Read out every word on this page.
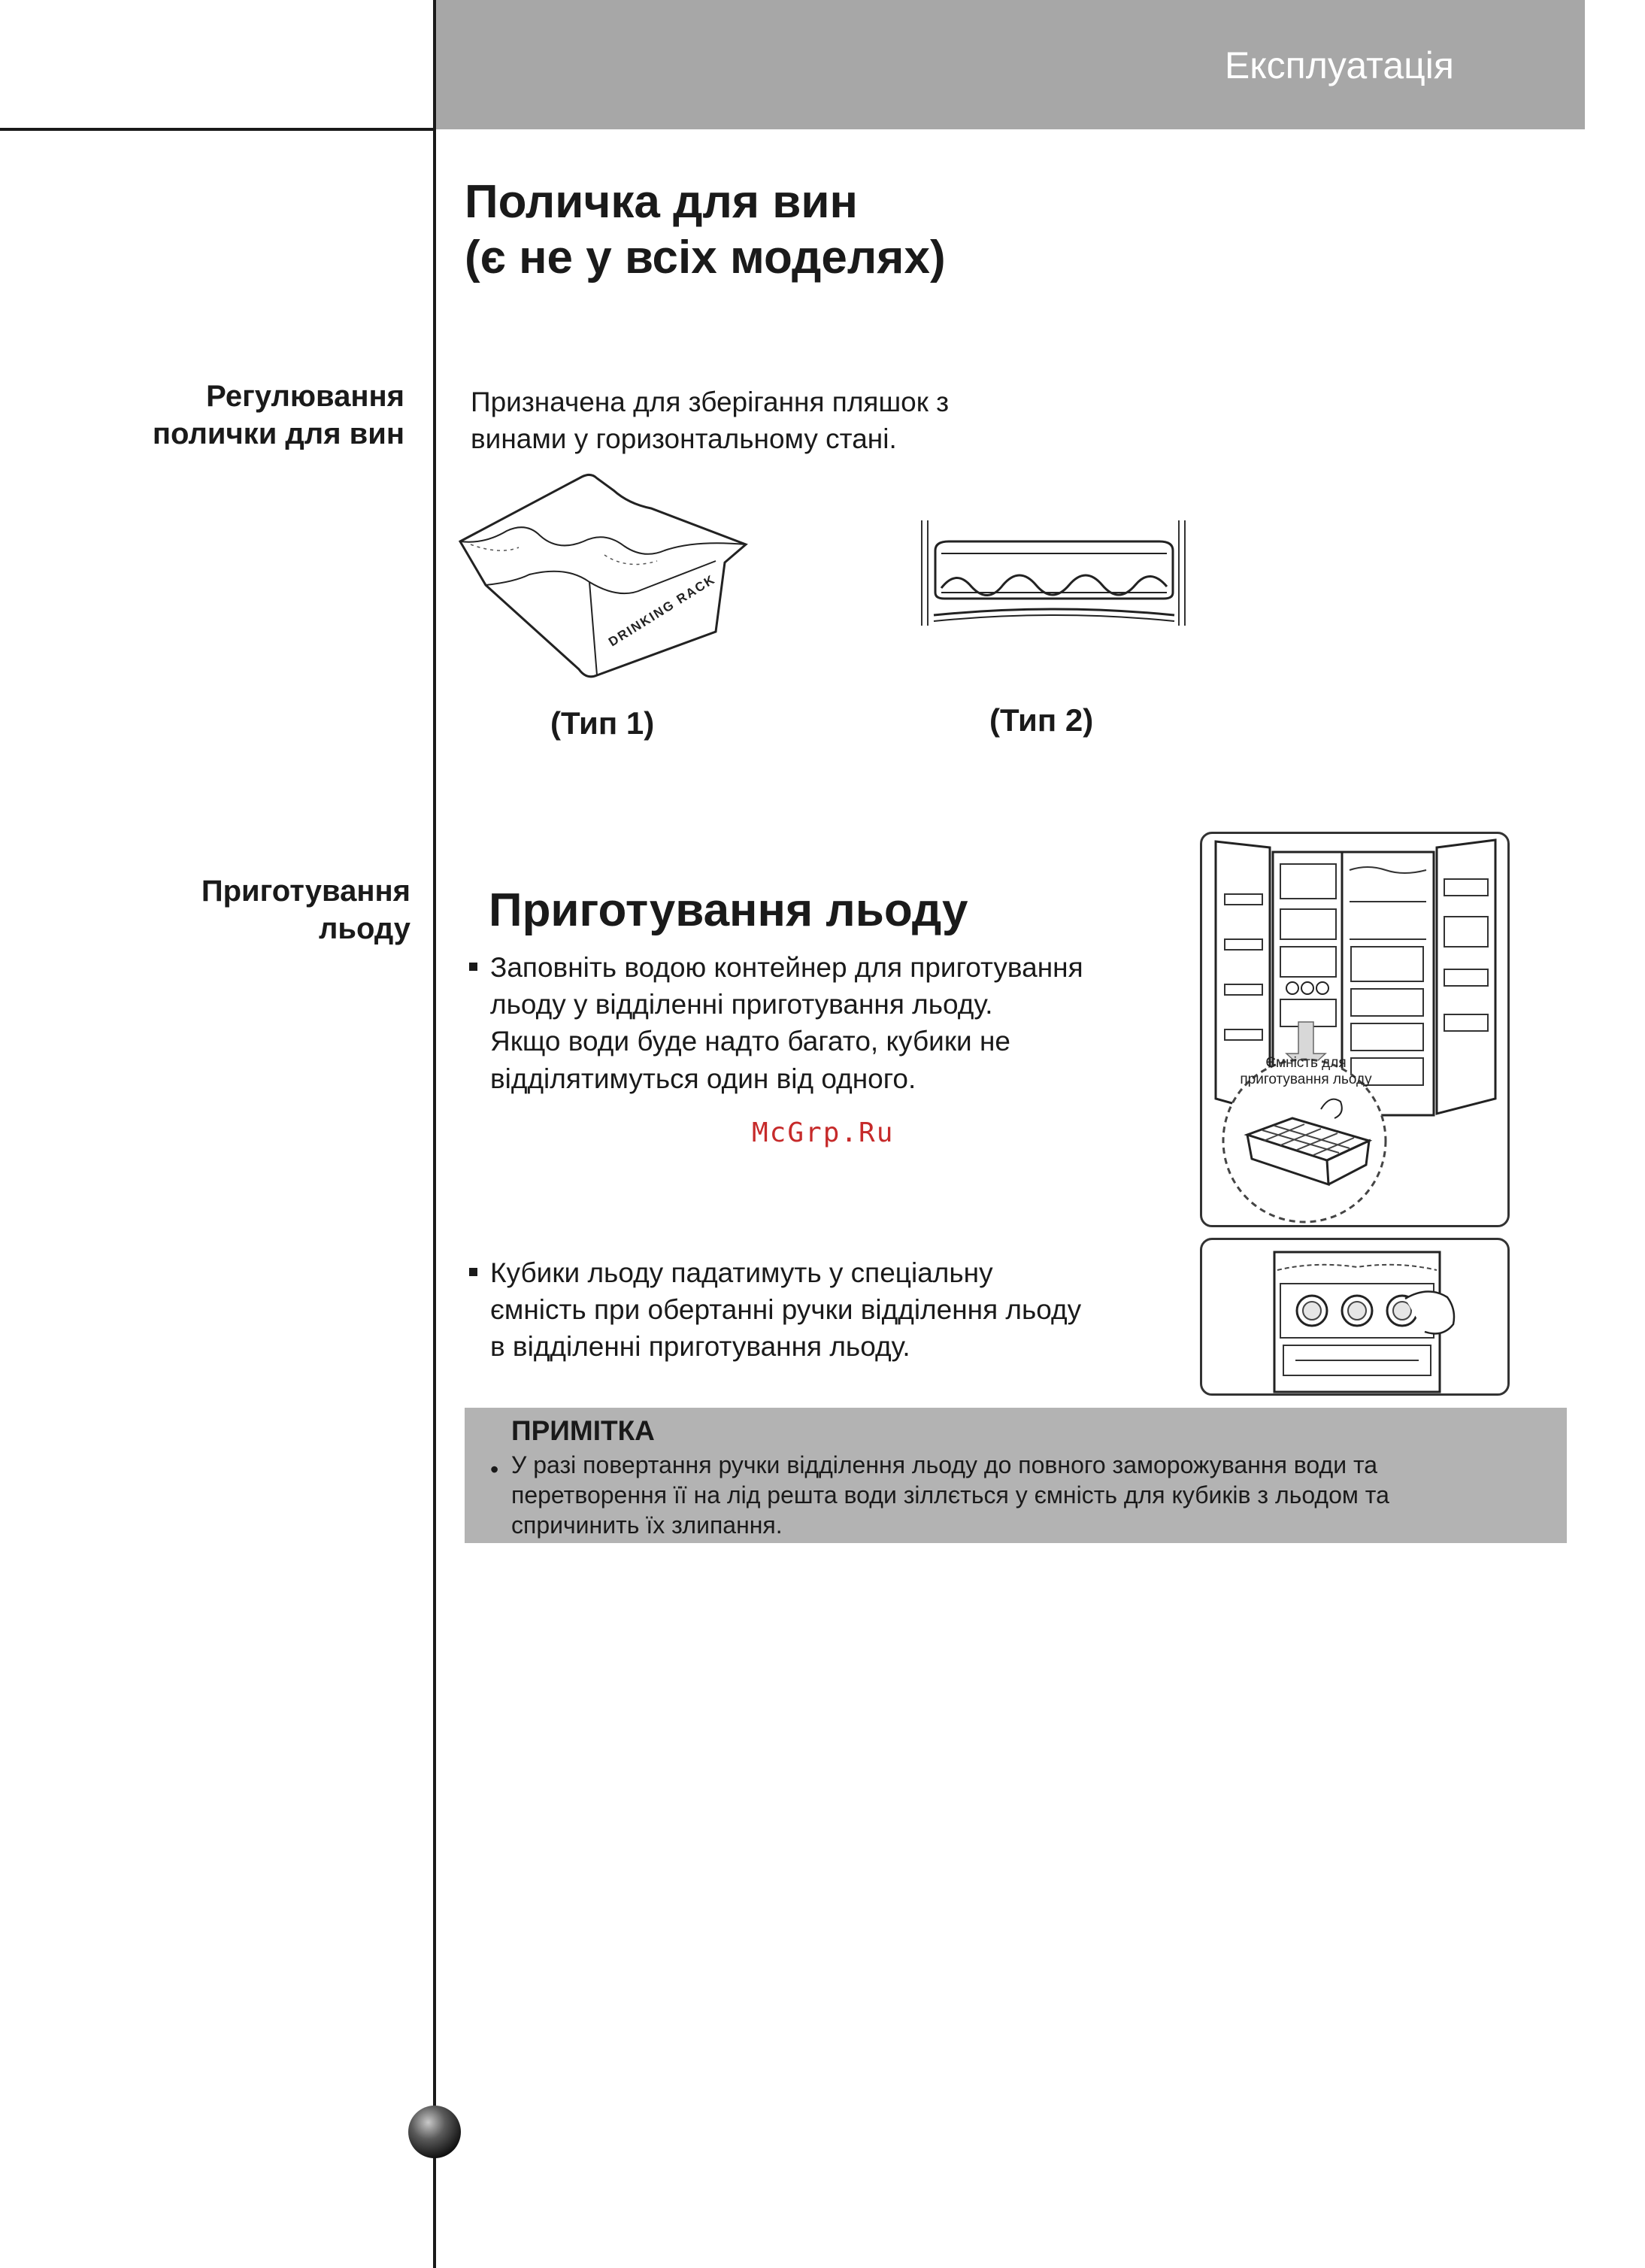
Експлуатація
Поличка для вин
(є не у всіх моделях)
Регулювання
полички для вин
Призначена для зберігання пляшок з
винами у горизонтальному стані.
DRINKING RACK
(Тип 1)	(Тип 2)
Приготування
льоду Приготування льоду
Заповніть водою контейнер для приготування
льоду у відділенні приготування льоду.
Якщо води буде надто багато, кубики не
відділятимуться один від одного.
McGrp.Ru
Кубики льоду падатимуть у спеціальну
ємність при обертанні ручки відділення льоду
в відділенні приготування льоду.
Ємність для
приготування льоду
ПРИМІТКА
• У разі повертання ручки відділення льоду до повного заморожування води та
перетворення її на лід решта води зіллється у ємність для кубиків з льодом та
спричинить їх злипання.
